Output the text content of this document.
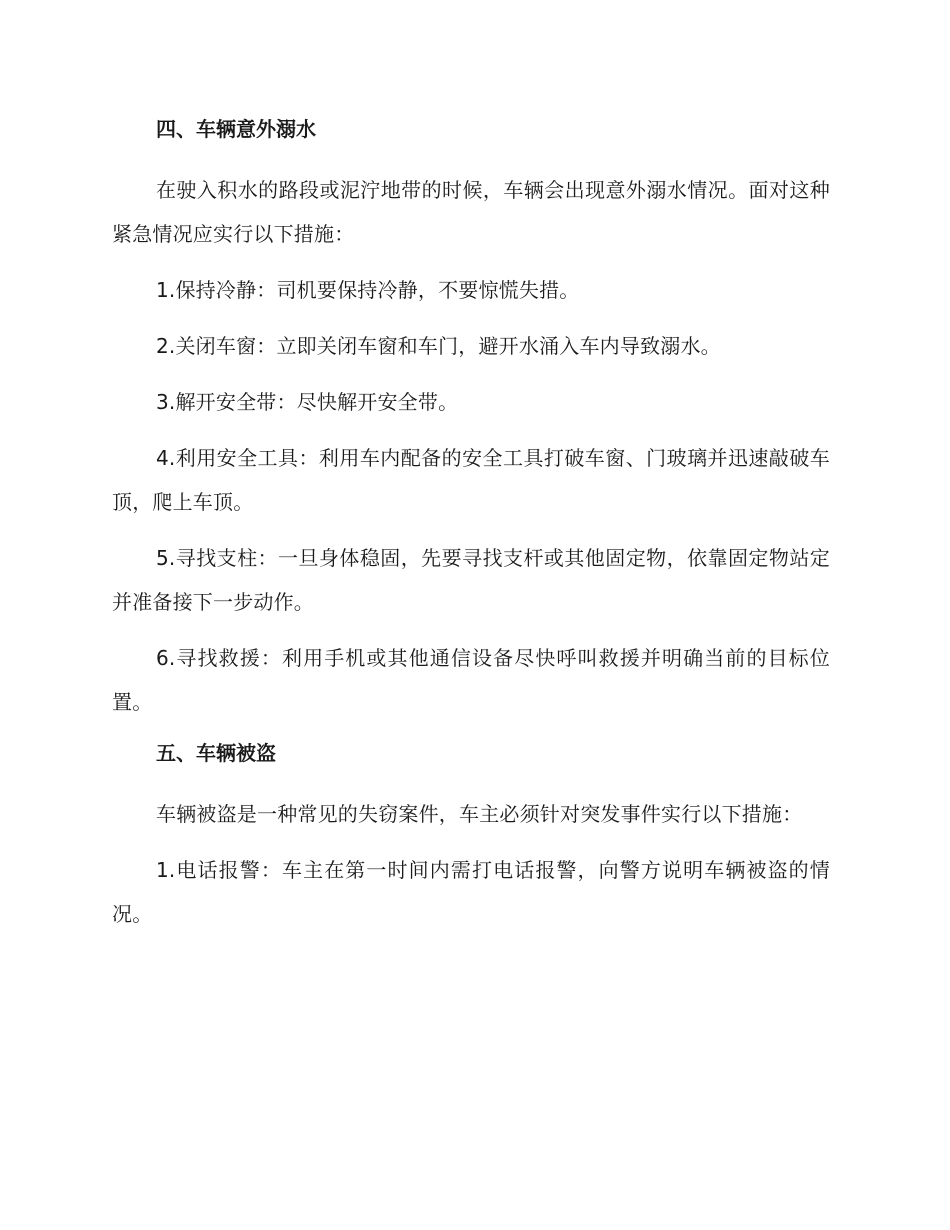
四、车辆意外溺水

在驶入积水的路段或泥泞地带的时候，车辆会出现意外溺水情况。面对这种紧急情况应实行以下措施：

1.保持冷静：司机要保持冷静，不要惊慌失措。

2.关闭车窗：立即关闭车窗和车门，避开水涌入车内导致溺水。

3.解开安全带：尽快解开安全带。

4.利用安全工具：利用车内配备的安全工具打破车窗、门玻璃并迅速敲破车顶，爬上车顶。

5.寻找支柱：一旦身体稳固，先要寻找支杆或其他固定物，依靠固定物站定并准备接下一步动作。

6.寻找救援：利用手机或其他通信设备尽快呼叫救援并明确当前的目标位置。

五、车辆被盗

车辆被盗是一种常见的失窃案件，车主必须针对突发事件实行以下措施：

1.电话报警：车主在第一时间内需打电话报警，向警方说明车辆被盗的情况。
